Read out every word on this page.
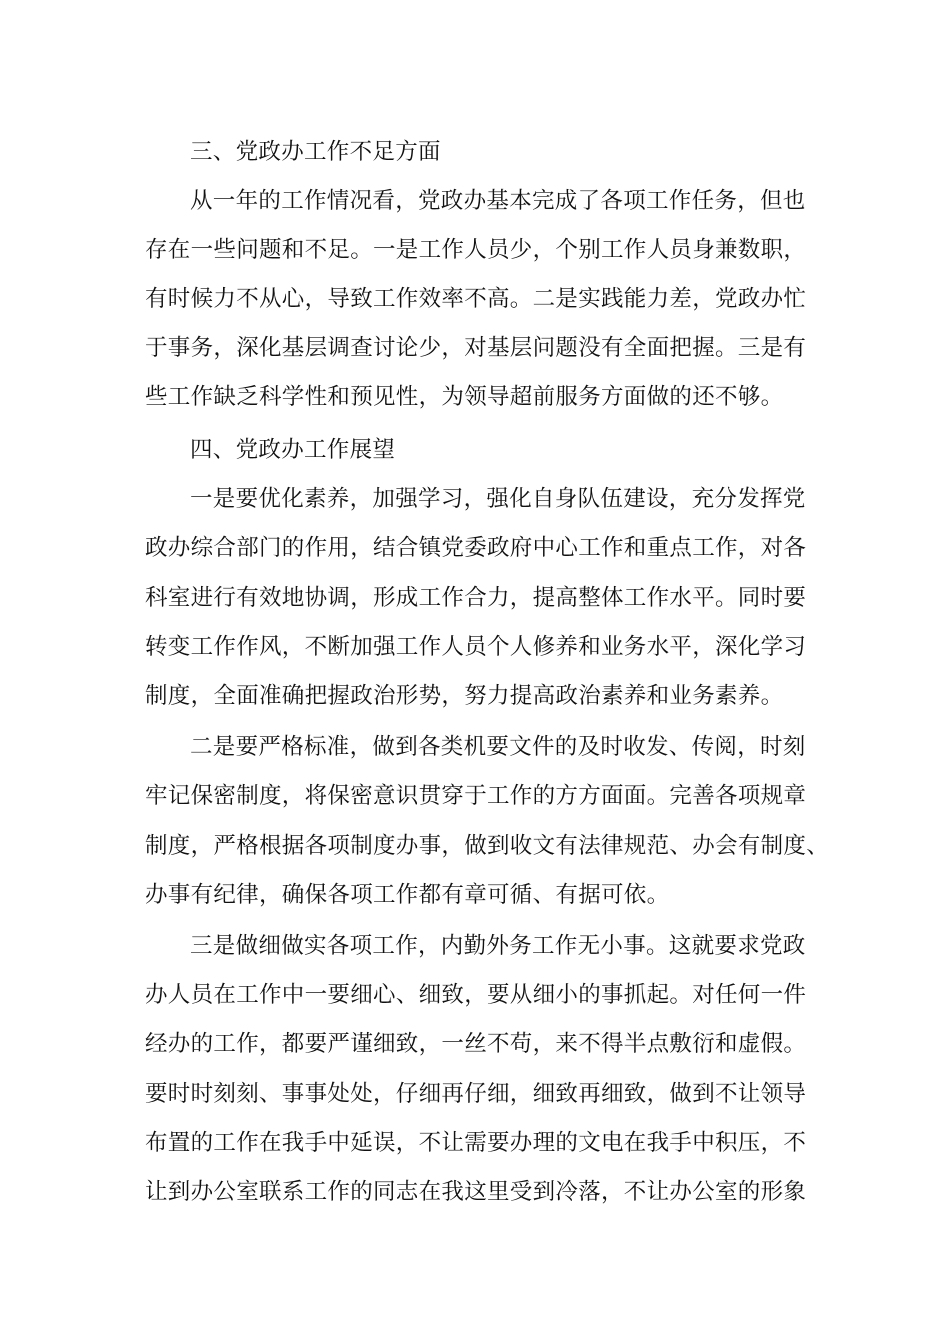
三、党政办工作不足方面
从一年的工作情况看，党政办基本完成了各项工作任务，但也
存在一些问题和不足。一是工作人员少，个别工作人员身兼数职，
有时候力不从心，导致工作效率不高。二是实践能力差，党政办忙
于事务，深化基层调查讨论少，对基层问题没有全面把握。三是有
些工作缺乏科学性和预见性，为领导超前服务方面做的还不够。
四、党政办工作展望
一是要优化素养，加强学习，强化自身队伍建设，充分发挥党
政办综合部门的作用，结合镇党委政府中心工作和重点工作，对各
科室进行有效地协调，形成工作合力，提高整体工作水平。同时要
转变工作作风，不断加强工作人员个人修养和业务水平，深化学习
制度，全面准确把握政治形势，努力提高政治素养和业务素养。
二是要严格标准，做到各类机要文件的及时收发、传阅，时刻
牢记保密制度，将保密意识贯穿于工作的方方面面。完善各项规章
制度，严格根据各项制度办事，做到收文有法律规范、办会有制度、
办事有纪律，确保各项工作都有章可循、有据可依。
三是做细做实各项工作，内勤外务工作无小事。这就要求党政
办人员在工作中一要细心、细致，要从细小的事抓起。对任何一件
经办的工作，都要严谨细致，一丝不苟，来不得半点敷衍和虚假。
要时时刻刻、事事处处，仔细再仔细，细致再细致，做到不让领导
布置的工作在我手中延误，不让需要办理的文电在我手中积压，不
让到办公室联系工作的同志在我这里受到冷落，不让办公室的形象
